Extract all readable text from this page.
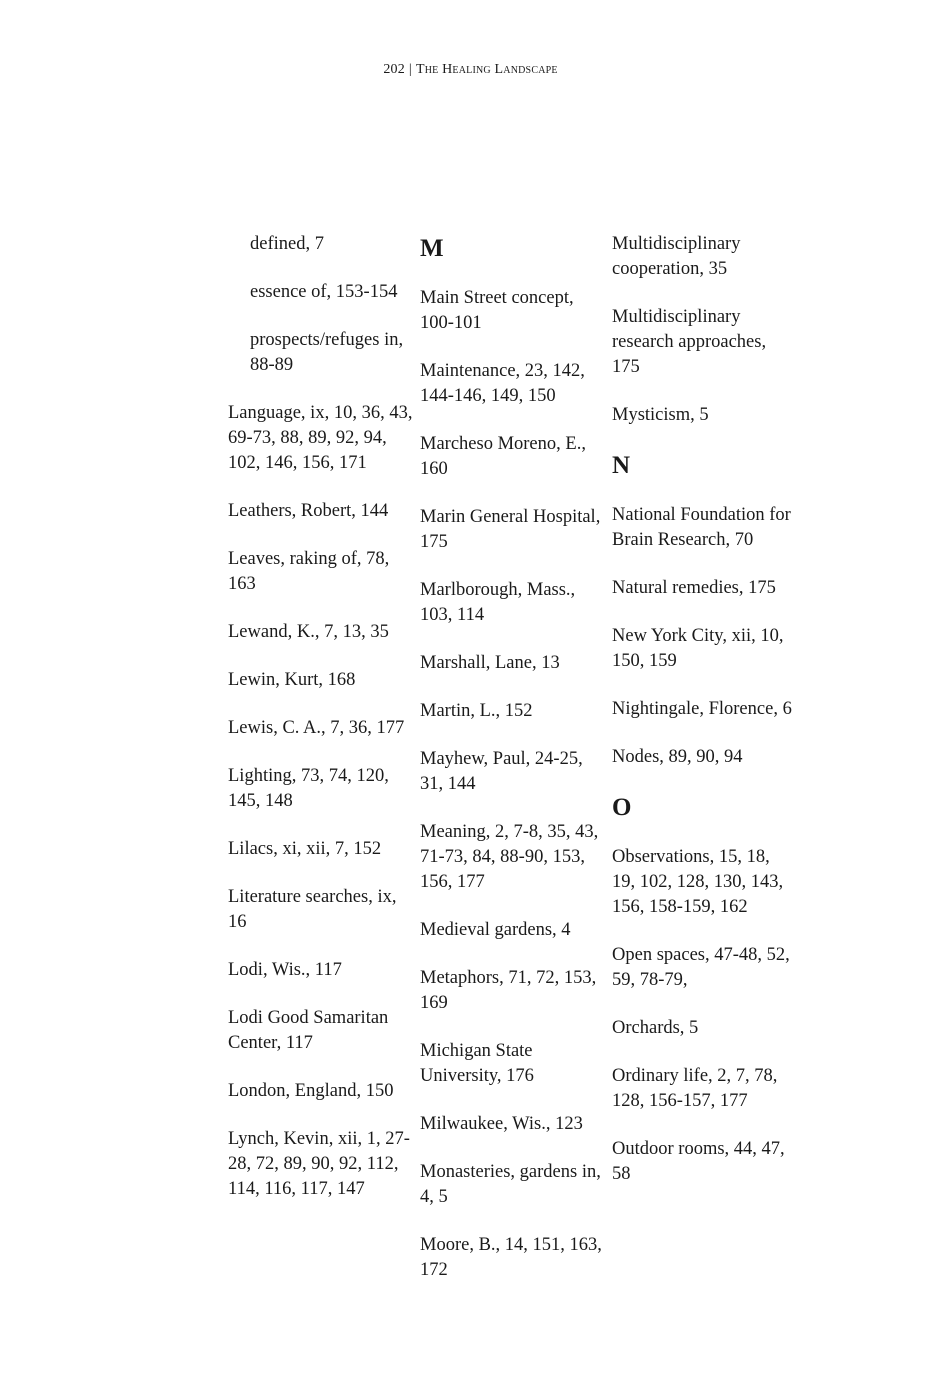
202 | The Healing Landscape
defined, 7
essence of, 153-154
prospects/refuges in, 88-89
Language, ix, 10, 36, 43, 69-73, 88, 89, 92, 94, 102, 146, 156, 171
Leathers, Robert, 144
Leaves, raking of, 78, 163
Lewand, K., 7, 13, 35
Lewin, Kurt, 168
Lewis, C. A., 7, 36, 177
Lighting, 73, 74, 120, 145, 148
Lilacs, xi, xii, 7, 152
Literature searches, ix, 16
Lodi, Wis., 117
Lodi Good Samaritan Center, 117
London, England, 150
Lynch, Kevin, xii, 1, 27-28, 72, 89, 90, 92, 112, 114, 116, 117, 147
M
Main Street concept, 100-101
Maintenance, 23, 142, 144-146, 149, 150
Marcheso Moreno, E., 160
Marin General Hospital, 175
Marlborough, Mass., 103, 114
Marshall, Lane, 13
Martin, L., 152
Mayhew, Paul, 24-25, 31, 144
Meaning, 2, 7-8, 35, 43, 71-73, 84, 88-90, 153, 156, 177
Medieval gardens, 4
Metaphors, 71, 72, 153, 169
Michigan State University, 176
Milwaukee, Wis., 123
Monasteries, gardens in, 4, 5
Moore, B., 14, 151, 163, 172
Multidisciplinary cooperation, 35
Multidisciplinary research approaches, 175
Mysticism, 5
N
National Foundation for Brain Research, 70
Natural remedies, 175
New York City, xii, 10, 150, 159
Nightingale, Florence, 6
Nodes, 89, 90, 94
O
Observations, 15, 18, 19, 102, 128, 130, 143, 156, 158-159, 162
Open spaces, 47-48, 52, 59, 78-79,
Orchards, 5
Ordinary life, 2, 7, 78, 128, 156-157, 177
Outdoor rooms, 44, 47, 58
